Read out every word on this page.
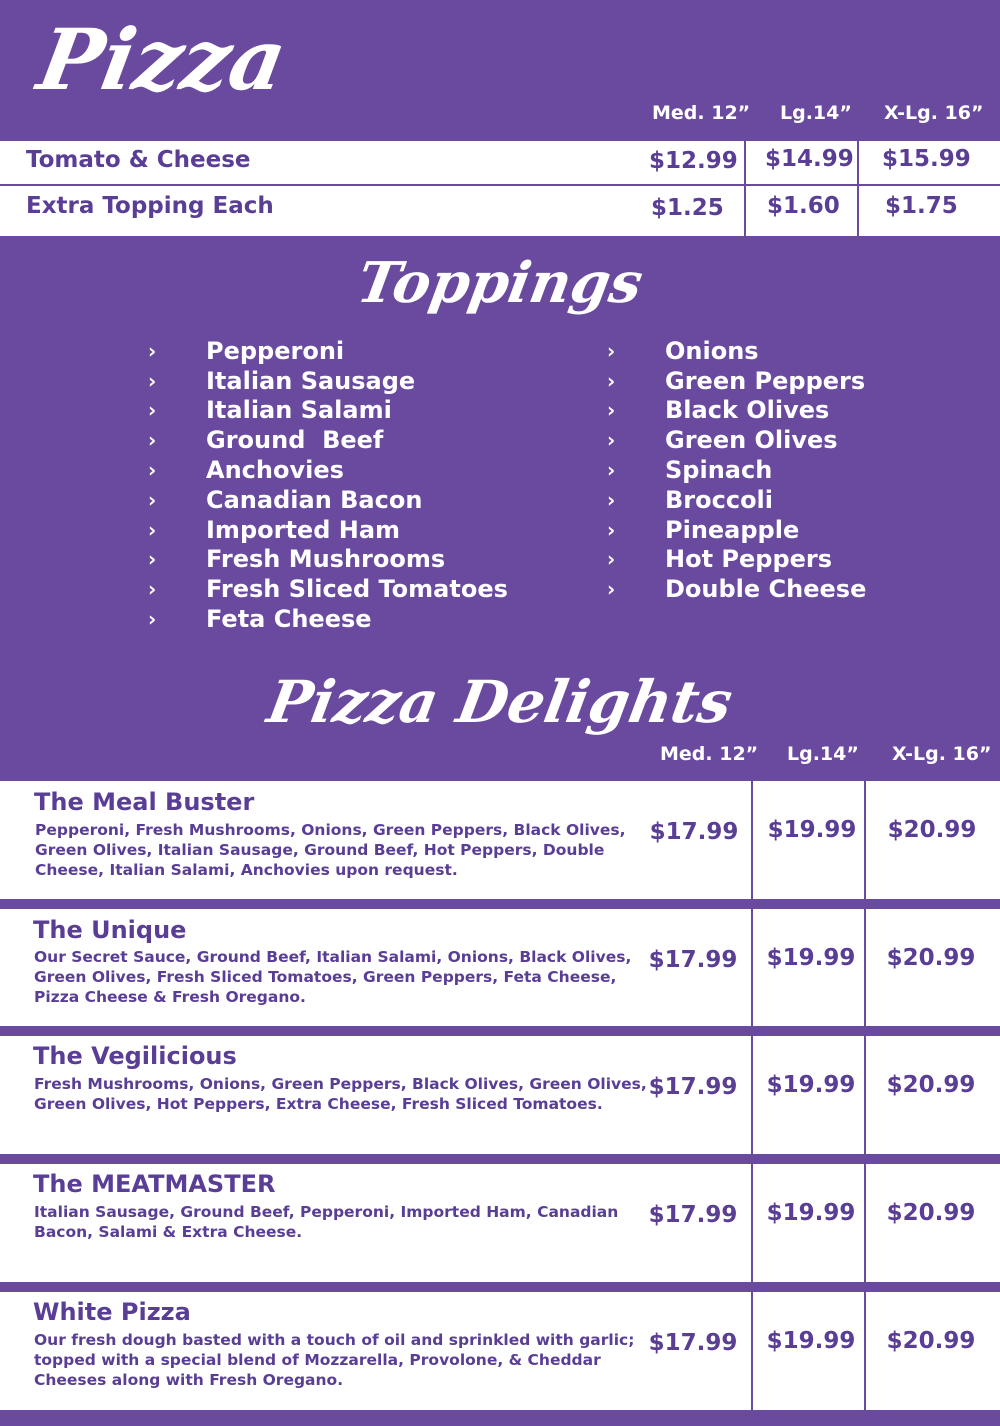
Pizza
Med. 12” Lg.14” X-Lg. 16”
Tomato & Cheese	$12.99 $14.99 $15.99
Extra Topping Each	$1.25 $1.60 $1.75
Toppings
›	Pepperoni
›	Italian Sausage
›	Italian Salami
›	Ground  Beef
›	Anchovies
›	Canadian Bacon
›	Imported Ham
›	Fresh Mushrooms
›	Fresh Sliced Tomatoes
›	Feta Cheese
›	Onions
›	Green Peppers
›	Black Olives
›	Green Olives
›	Spinach
›	Broccoli
›	Pineapple
›	Hot Peppers
›	Double Cheese
Pizza Delights
Med. 12” Lg.14” X-Lg. 16”
The Meal Buster
Pepperoni, Fresh Mushrooms, Onions, Green Peppers, Black Olives,
Green Olives, Italian Sausage, Ground Beef, Hot Peppers, Double
Cheese, Italian Salami, Anchovies upon request.
$17.99	$19.99	$20.99
The Unique
Our Secret Sauce, Ground Beef, Italian Salami, Onions, Black Olives,
Green Olives, Fresh Sliced Tomatoes, Green Peppers, Feta Cheese,
Pizza Cheese & Fresh Oregano.
$17.99	$19.99	$20.99
The Vegilicious
Fresh Mushrooms, Onions, Green Peppers, Black Olives, Green Olives,
Green Olives, Hot Peppers, Extra Cheese, Fresh Sliced Tomatoes.
$17.99	$19.99	$20.99
The MEATMASTER
Italian Sausage, Ground Beef, Pepperoni, Imported Ham, Canadian
Bacon, Salami & Extra Cheese.
$17.99	$19.99	$20.99
White Pizza
Our fresh dough basted with a touch of oil and sprinkled with garlic;
topped with a special blend of Mozzarella, Provolone, & Cheddar
Cheeses along with Fresh Oregano.
$17.99	$19.99	$20.99
